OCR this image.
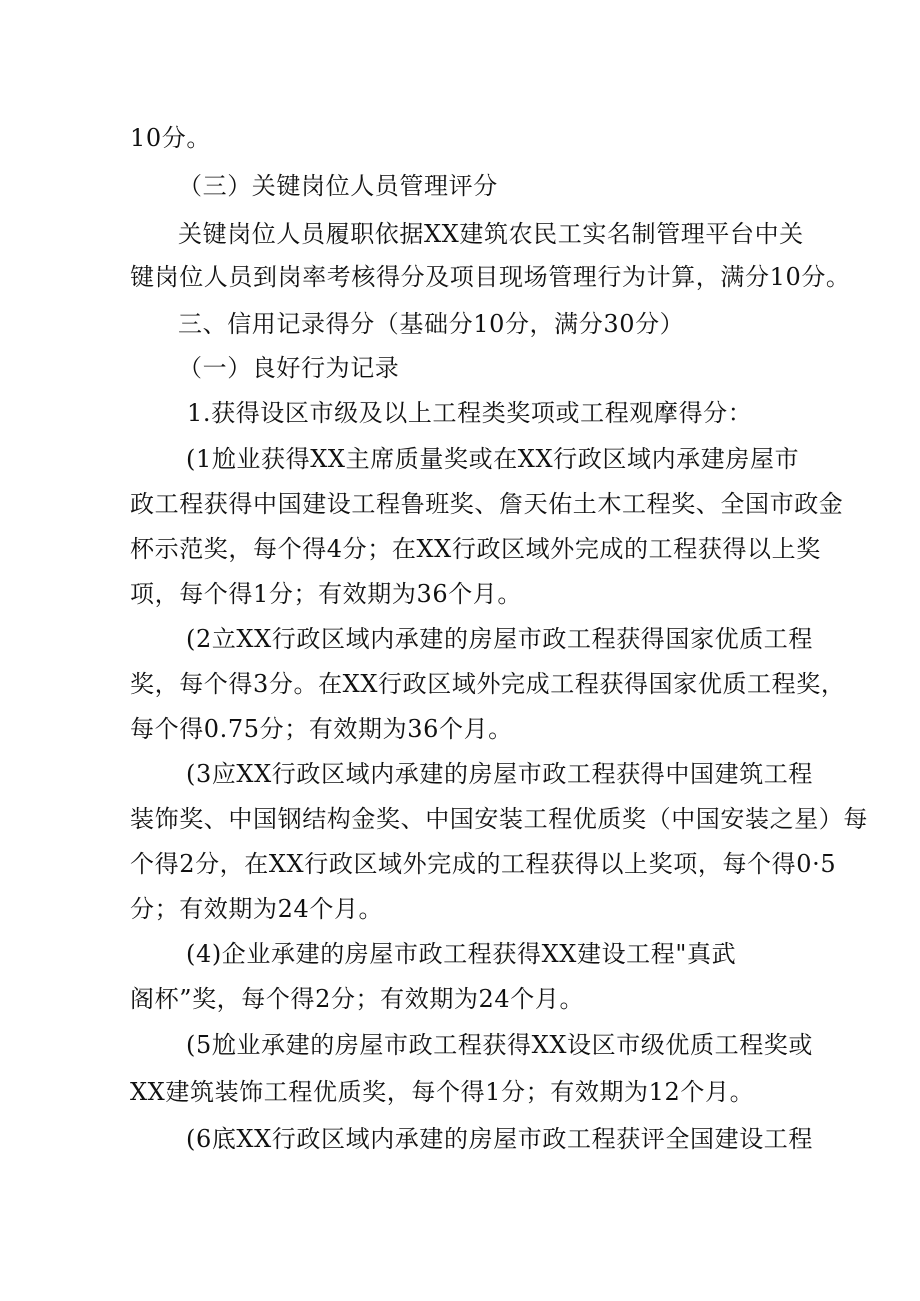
10分。
（三）关键岗位人员管理评分
关键岗位人员履职依据XX建筑农民工实名制管理平台中关
键岗位人员到岗率考核得分及项目现场管理行为计算，满分10分。
三、信用记录得分（基础分10分，满分30分）
（一）良好行为记录
1.获得设区市级及以上工程类奖项或工程观摩得分：
(1尬业获得XX主席质量奖或在XX行政区域内承建房屋市
政工程获得中国建设工程鲁班奖、詹天佑土木工程奖、全国市政金
杯示范奖，每个得4分；在XX行政区域外完成的工程获得以上奖
项，每个得1分；有效期为36个月。
(2立XX行政区域内承建的房屋市政工程获得国家优质工程
奖，每个得3分。在XX行政区域外完成工程获得国家优质工程奖，
每个得0.75分；有效期为36个月。
(3应XX行政区域内承建的房屋市政工程获得中国建筑工程
装饰奖、中国钢结构金奖、中国安装工程优质奖（中国安装之星）每
个得2分，在XX行政区域外完成的工程获得以上奖项，每个得0·5
分；有效期为24个月。
(4)企业承建的房屋市政工程获得XX建设工程"真武
阁杯”奖，每个得2分；有效期为24个月。
(5尬业承建的房屋市政工程获得XX设区市级优质工程奖或
XX建筑装饰工程优质奖，每个得1分；有效期为12个月。
(6底XX行政区域内承建的房屋市政工程获评全国建设工程
